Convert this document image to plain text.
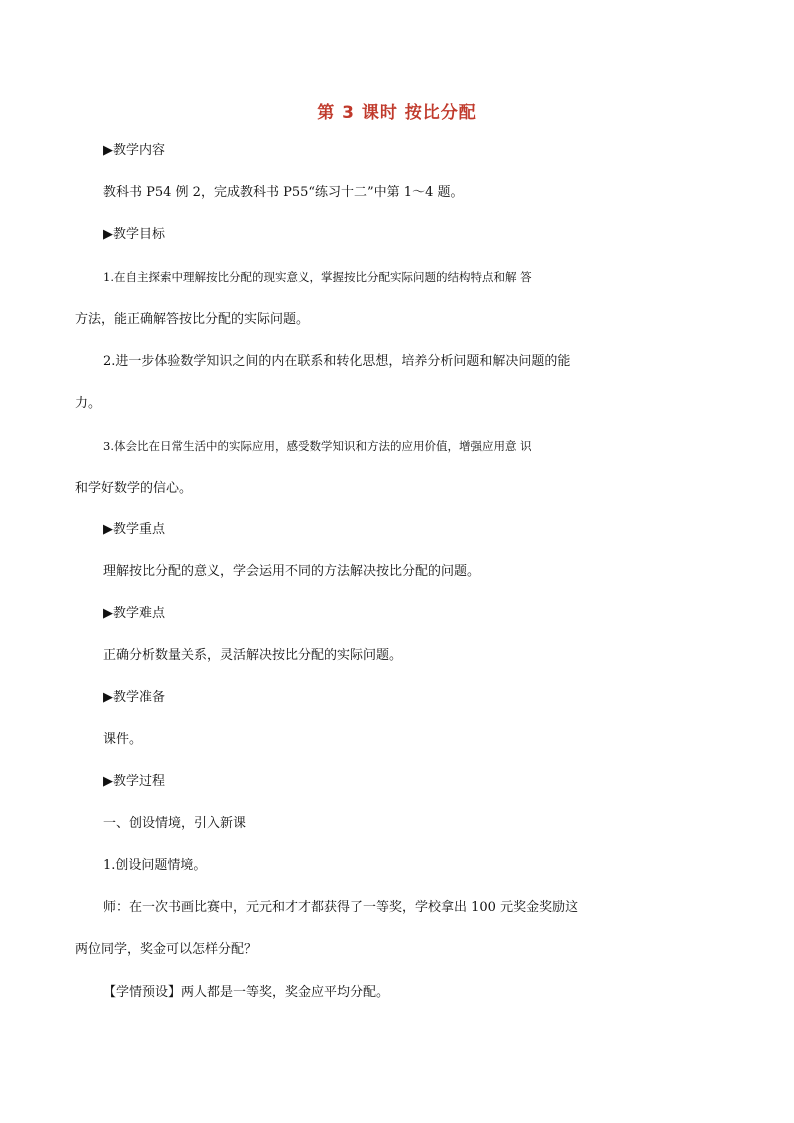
第 3 课时 按比分配
▶教学内容
教科书 P54 例 2，完成教科书 P55“练习十二”中第 1～4 题。
▶教学目标
1.在自主探索中理解按比分配的现实意义，掌握按比分配实际问题的结构特点和解 答
方法，能正确解答按比分配的实际问题。
2.进一步体验数学知识之间的内在联系和转化思想，培养分析问题和解决问题的能
力。
3.体会比在日常生活中的实际应用，感受数学知识和方法的应用价值，增强应用意 识
和学好数学的信心。
▶教学重点
理解按比分配的意义，学会运用不同的方法解决按比分配的问题。
▶教学难点
正确分析数量关系，灵活解决按比分配的实际问题。
▶教学准备
课件。
▶教学过程
一、创设情境，引入新课
1.创设问题情境。
师：在一次书画比赛中，元元和才才都获得了一等奖，学校拿出 100 元奖金奖励这
两位同学，奖金可以怎样分配？
【学情预设】两人都是一等奖，奖金应平均分配。
